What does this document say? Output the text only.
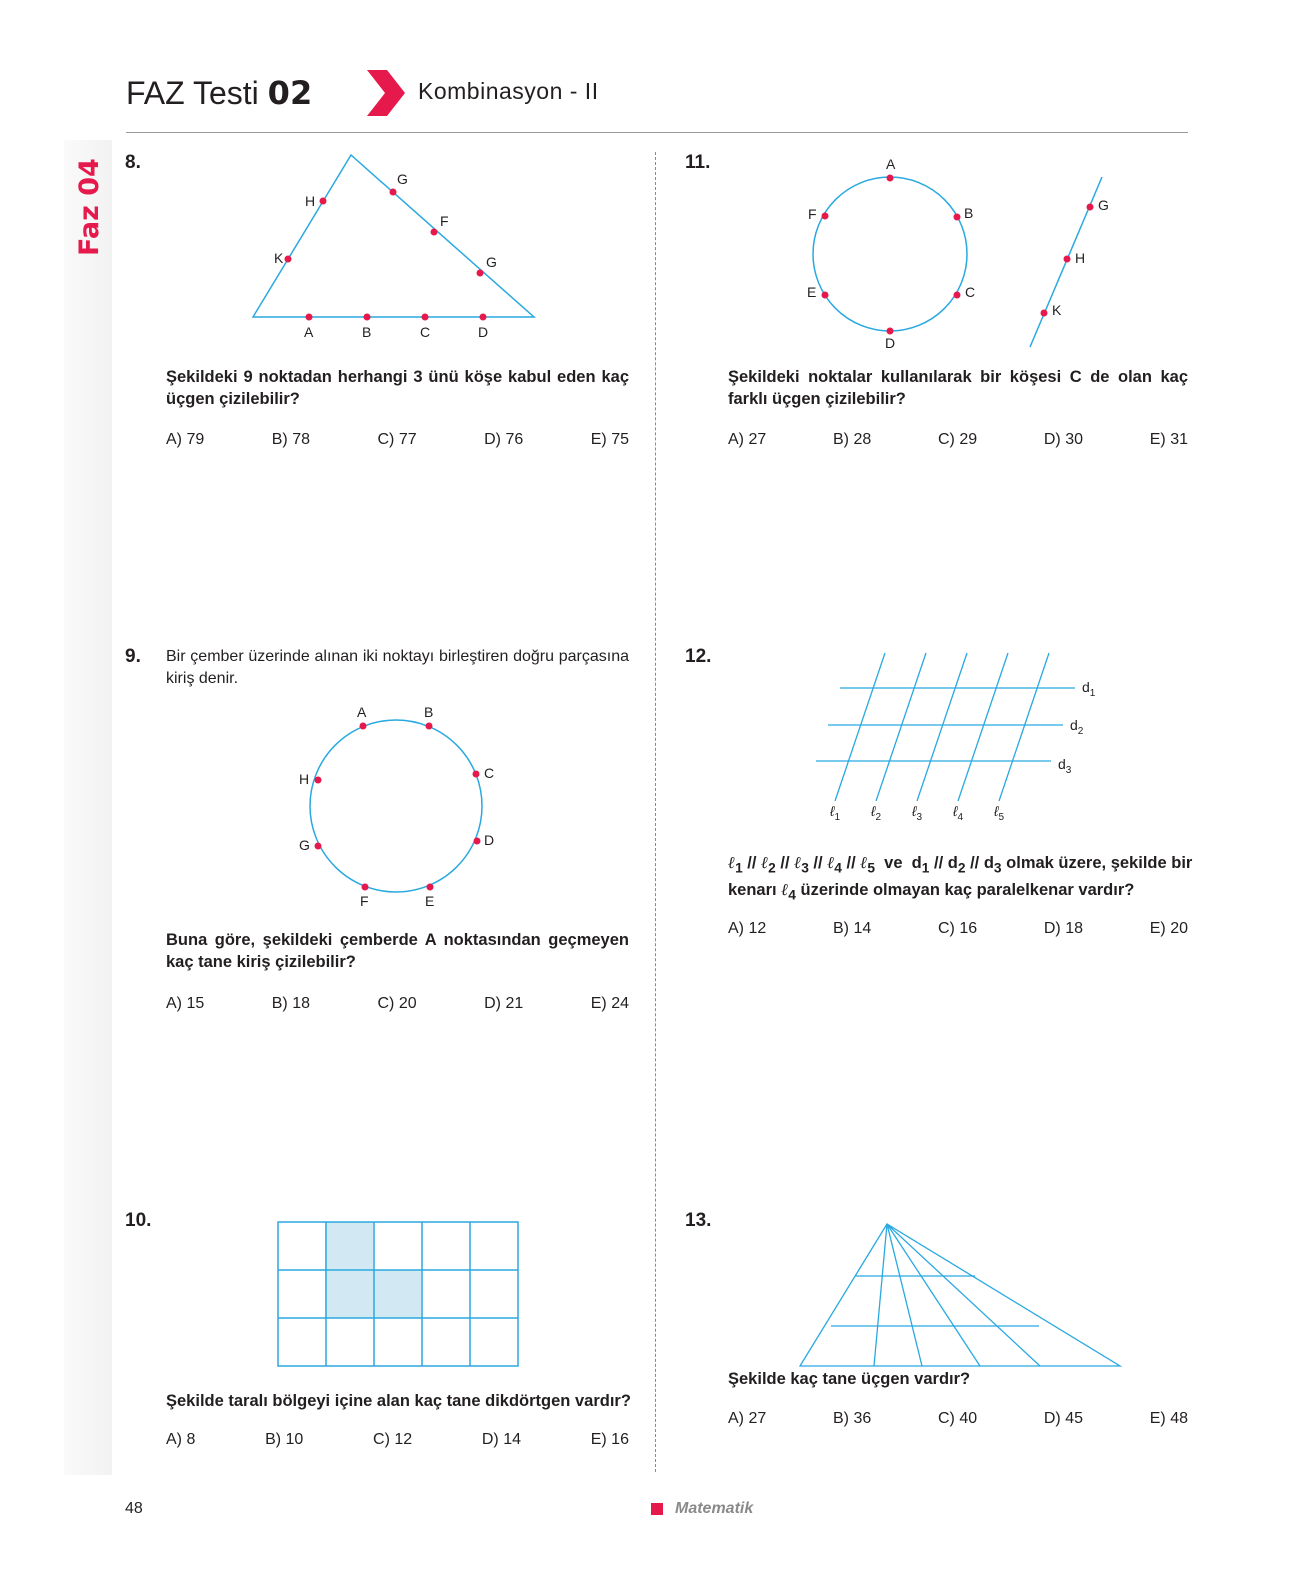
FAZ Testi 02	Kombinasyon - II
Faz 04 8.
H
G
F
G
K
A	B	C	D
Şekildeki 9 noktadan herhangi 3 ünü köşe kabul eden kaç üçgen çizilebilir?
A) 79	B) 78	C) 77	D) 76	E) 75
9. Bir çember üzerinde alınan iki noktayı birleştiren doğru parçasına kiriş denir.
A	B
C
D
E
F
G
H
Buna göre, şekildeki çemberde A noktasından geçmeyen kaç tane kiriş çizilebilir?
A) 15	B) 18	C) 20	D) 21	E) 24
10.
Şekilde taralı bölgeyi içine alan kaç tane dikdörtgen vardır?
A) 8	B) 10	C) 12	D) 14	E) 16
11.	A
B
C
D
E
F
G
H
K
Şekildeki noktalar kullanılarak bir köşesi C de olan kaç farklı üçgen çizilebilir?
A) 27	B) 28	C) 29	D) 30	E) 31
12.
$d_1$
$d_2$
$d_3$
ℓ$_1$ ℓ$_2$ ℓ$_3$ ℓ$_4$ ℓ$_5$
ℓ$_1$ // ℓ$_2$ // ℓ$_3$ // ℓ$_4$ // ℓ$_5$  ve  $d_1 // d_2 // d_3$ olmak üzere, şekilde bir
kenarı ℓ$_4$ üzerinde olmayan kaç paralelkenar vardır?
A) 12	B) 14	C) 16	D) 18	E) 20
13.
Şekilde kaç tane üçgen vardır?
A) 27	B) 36	C) 40	D) 45	E) 48
48	Matematik
